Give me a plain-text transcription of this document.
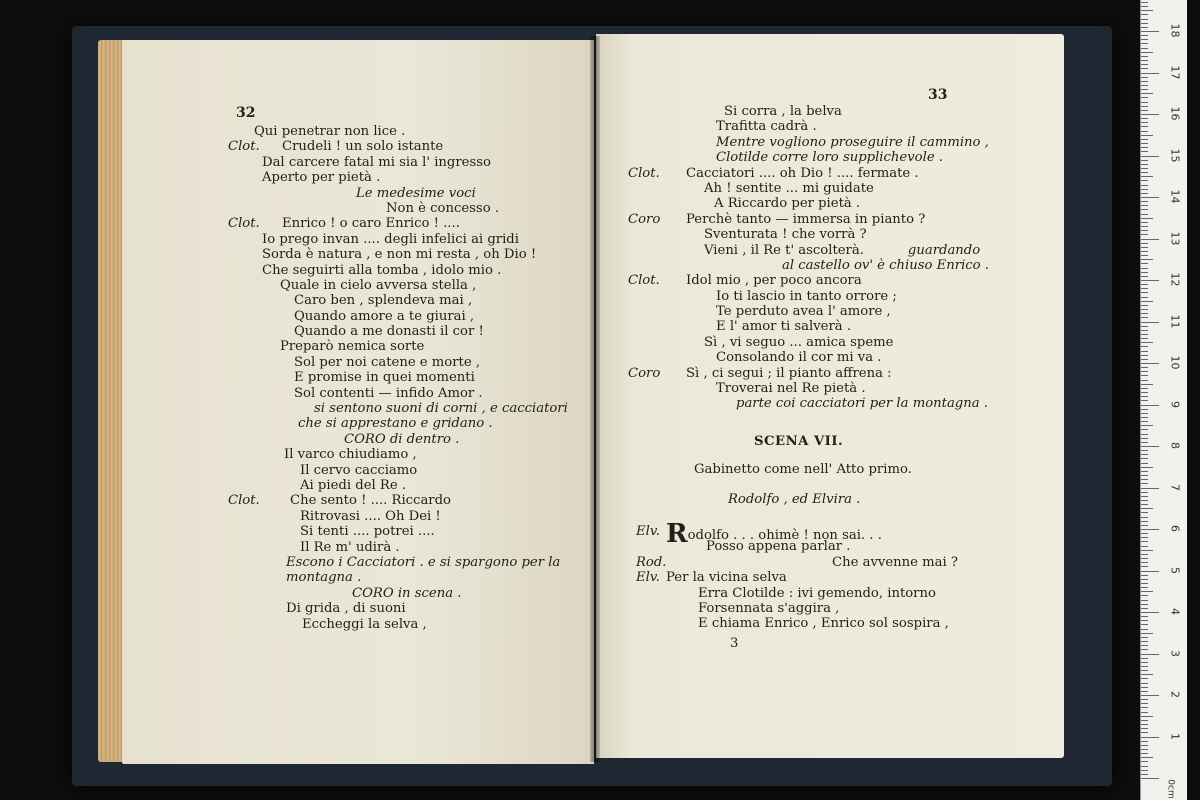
32
Qui penetrar non lice .
Clot. Crudeli ! un solo istante
Dal carcere fatal mi sia l' ingresso
Aperto per pietà .
Le medesime voci
Non è concesso .
Clot. Enrico ! o caro Enrico ! ....
Io prego invan .... degli infelici ai gridi
Sorda è natura , e non mi resta , oh Dio !
Che seguirti alla tomba , idolo mio .
Quale in cielo avversa stella ,
Caro ben , splendeva mai ,
Quando amore a te giurai ,
Quando a me donasti il cor !
Preparò nemica sorte
Sol per noi catene e morte ,
E promise in quei momenti
Sol contenti — infido Amor .
si sentono suoni di corni , e cacciatori
che si apprestano e gridano .
CORO di dentro .
Il varco chiudiamo ,
Il cervo cacciamo
Ai piedi del Re .
Clot. Che sento ! .... Riccardo
Ritrovasi .... Oh Dei !
Si tenti .... potrei ....
Il Re m' udirà .
Escono i Cacciatori . e si spargono per la
montagna .
CORO in scena .
Di grida , di suoni
Eccheggi la selva ,
33
Si corra , la belva
Trafitta cadrà .
Mentre vogliono proseguire il cammino ,
Clotilde corre loro supplichevole .
Clot. Cacciatori .... oh Dio ! .... fermate .
Ah ! sentite ... mi guidate
A Riccardo per pietà .
Coro Perchè tanto — immersa in pianto ?
Sventurata ! che vorrà ?
Vieni , il Re t' ascolterà.	guardando
al castello ov' è chiuso Enrico .
Clot. Idol mio , per poco ancora
Io ti lascio in tanto orrore ;
Te perduto avea l' amore ,
E l' amor ti salverà .
Sì , vi seguo ... amica speme
Consolando il cor mi va .
Coro Sì , ci segui ; il pianto affrena :
Troverai nel Re pietà .
parte coi cacciatori per la montagna .
SCENA VII.
Gabinetto come nell' Atto primo.
Rodolfo , ed Elvira .
Elv. Rodolfo . . . ohimè ! non sai. . .
Posso appena parlar .
Rod.	Che avvenne mai ?
Elv. Per la vicina selva
Erra Clotilde : ivi gemendo, intorno
Forsennata s'aggira ,
E chiama Enrico , Enrico sol sospira ,
3
0cm
1
2
3
4
5
6
7
8
9
10
11
12
13
14
15
16
17
18
